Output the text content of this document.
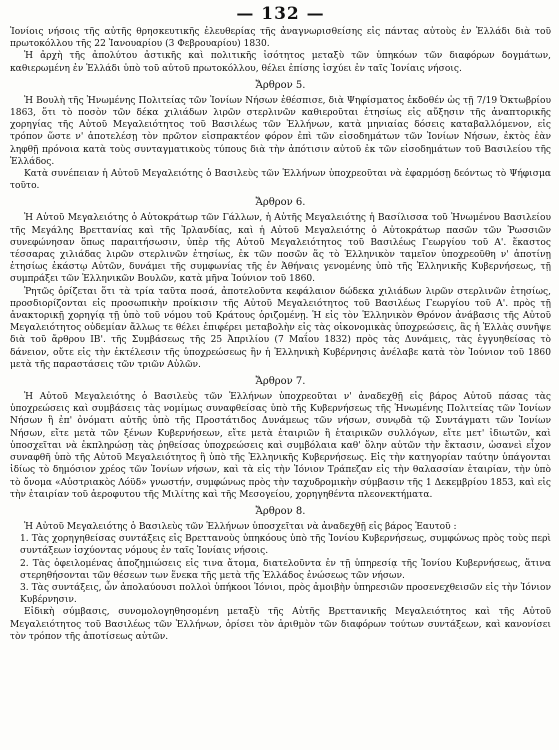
— 132 —
Ἰονίοις νήσοις τῆς αὐτῆς θρησκευτικῆς ἐλευθερίας τῆς ἀναγνωρισθείσης εἰς πάντας αὐτοὺς ἐν Ἑλλάδι διὰ τοῦ πρωτοκόλλου τῆς 22 Ἰανουαρίου (3 Φεβρουαρίου) 1830.
Ἡ ἀρχὴ τῆς ἀπολύτου ἀστικῆς καὶ πολιτικῆς ἰσότητος μεταξὺ τῶν ὑπηκόων τῶν διαφόρων δογμάτων, καθιερωμένη ἐν Ἑλλάδι ὑπὸ τοῦ αὐτοῦ πρωτοκόλλου, θέλει ἐπίσης ἰσχύει ἐν ταῖς Ἰονίαις νήσοις.
Ἄρθρον 5.
Ἡ Βουλὴ τῆς Ἡνωμένης Πολιτείας τῶν Ἰονίων Νήσων ἐθέσπισε, διὰ Ψηφίσματος ἐκδοθέν ὡς τῇ 7/19 Ὀκτωβρίου 1863, ὅτι τὸ ποσὸν τῶν δέκα χιλιάδων λιρῶν στερλινῶν καθιεροῦται ἐτησίως εἰς αὔξησιν τῆς ἀναπτορικῆς χορηγίας τῆς Αὐτοῦ Μεγαλειότητος τοῦ Βασιλέως τῶν Ἑλλήνων, κατὰ μηνιαίας δόσεις καταβαλλόμενον, εἰς τρόπον ὥστε ν' ἀποτελέσῃ τὸν πρῶτον εἰσπρακτέον φόρον ἐπὶ τῶν εἰσοδημάτων τῶν Ἰονίων Νήσων, ἐκτὸς ἐὰν ληφθῇ πρόνοια κατὰ τοὺς συνταγματικοὺς τύπους διὰ τὴν ἀπότισιν αὐτοῦ ἐκ τῶν εἰσοδημάτων τοῦ Βασιλείου τῆς Ἑλλάδος.
Κατὰ συνέπειαν ἡ Αὐτοῦ Μεγαλειότης ὁ Βασιλεὺς τῶν Ἑλλήνων ὑποχρεοῦται νὰ ἐφαρμόσῃ δεόντως τὸ Ψήφισμα τοῦτο.
Ἄρθρον 6.
Ἡ Αὐτοῦ Μεγαλειότης ὁ Αὐτοκράτωρ τῶν Γάλλων, ἡ Αὐτῆς Μεγαλειότης ἡ Βασίλισσα τοῦ Ἡνωμένου Βασιλείου τῆς Μεγάλης Βρεττανίας καὶ τῆς Ἰρλανδίας, καὶ ἡ Αὐτοῦ Μεγαλειότης ὁ Αὐτοκράτωρ πασῶν τῶν Ῥωσσιῶν συνεφώνησαν ὅπως παραιτήσωσιν, ὑπὲρ τῆς Αὐτοῦ Μεγαλειότητος τοῦ Βασιλέως Γεωργίου τοῦ Α'. ἕκαστος τέσσαρας χιλιάδας λιρῶν στερλινῶν ἐτησίως, ἐκ τῶν ποσῶν ἅς τὸ Ἑλληνικὸν ταμεῖον ὑποχρεοῦθη ν' ἀποτίνῃ ἐτησίως ἑκάστῳ Αὐτῶν, δυνάμει τῆς συμφωνίας τῆς ἐν Ἀθήναις γενομένης ὑπὸ τῆς Ἑλληνικῆς Κυβερνήσεως, τῇ συμπράξει τῶν Ἑλληνικῶν Βουλῶν, κατὰ μῆνα Ἰούνιον τοῦ 1860.
Ῥητῶς ὁρίζεται ὅτι τὰ τρία ταῦτα ποσά, ἀποτελοῦντα κεφάλαιον δώδεκα χιλιάδων λιρῶν στερλινῶν ἐτησίως, προσδιορίζονται εἰς προσωπικὴν προίκισιν τῆς Αὐτοῦ Μεγαλειότητος τοῦ Βασιλέως Γεωργίου τοῦ Α'. πρὸς τῇ ἀνακτορικῇ χορηγίᾳ τῇ ὑπὸ τοῦ νόμου τοῦ Κράτους ὁριζομένῃ. Ἡ εἰς τὸν Ἑλληνικὸν Θρόνον ἀνάβασις τῆς Αὐτοῦ Μεγαλειότητος οὐδεμίαν ἄλλως τε θέλει ἐπιφέρει μεταβολὴν εἰς τὰς οἰκονομικὰς ὑποχρεώσεις, ἃς ἡ Ἑλλὰς συνῆψε διὰ τοῦ ἄρθρου ΙΒ'. τῆς Συμβάσεως τῆς 25 Ἀπριλίου (7 Μαΐου 1832) πρὸς τὰς Δυνάμεις, τὰς ἐγγυηθείσας τὸ δάνειον, οὔτε εἰς τὴν ἐκτέλεσιν τῆς ὑποχρεώσεως ἣν ἡ Ἑλληνικὴ Κυβέρνησις ἀνέλαβε κατὰ τὸν Ἰούνιον τοῦ 1860 μετὰ τῆς παραστάσεις τῶν τριῶν Αὐλῶν.
Ἄρθρον 7.
Ἡ Αὐτοῦ Μεγαλειότης ὁ Βασιλεὺς τῶν Ἑλλήνων ὑποχρεοῦται ν' ἀναδεχθῇ εἰς βάρος Αὐτοῦ πάσας τὰς ὑποχρεώσεις καὶ συμβάσεις τὰς νομίμως συναφθείσας ὑπὸ τῆς Κυβερνήσεως τῆς Ἡνωμένης Πολιτείας τῶν Ἰονίων Νήσων ἢ ἐπ' ὀνόματι αὐτῆς ὑπὸ τῆς Προστάτιδος Δυνάμεως τῶν νήσων, συνῳδὰ τῷ Συντάγματι τῶν Ἰονίων Νήσων, εἴτε μετὰ τῶν ξένων Κυβερνήσεων, εἴτε μετὰ ἑταιριῶν ἢ ἑταιρικῶν συλλόγων, εἴτε μετ' ἰδιωτῶν, καὶ ὑποσχεῖται νὰ ἐκπληρώσῃ τὰς ῥηθείσας ὑποχρεώσεις καὶ συμβόλαια καθ' ὅλην αὐτῶν τὴν ἔκτασιν, ὡσανεὶ εἶχον συναφθῆ ὑπὸ τῆς Αὐτοῦ Μεγαλειότητος ἢ ὑπὸ τῆς Ἑλληνικῆς Κυβερνήσεως. Εἰς τὴν κατηγορίαν ταύτην ὑπάγονται ἰδίως τὸ δημόσιον χρέος τῶν Ἰονίων νήσων, καὶ τὰ εἰς τὴν Ἰόνιον Τράπεζαν εἰς τὴν θαλασσίαν ἑταιρίαν, τὴν ὑπὸ τὸ ὄνομα «Αὐστριακὸς Λόϋδ» γνωστήν, συμφώνως πρὸς τὴν ταχυδρομικὴν σύμβασιν τῆς 1 Δεκεμβρίου 1853, καὶ εἰς τὴν ἑταιρίαν τοῦ ἀεροφυτου τῆς Μιλίτης καὶ τῆς Μεσογείου, χορηγηθέντα πλεονεκτήματα.
Ἄρθρον 8.
Ἡ Αὐτοῦ Μεγαλειότης ὁ Βασιλεὺς τῶν Ἑλλήνων ὑποσχεῖται νὰ ἀναδεχθῇ εἰς βάρος Ἑαυτοῦ :
1. Τὰς χορηγηθείσας συντάξεις εἰς Βρεττανοὺς ὑπηκόους ὑπὸ τῆς Ἰονίου Κυβερνήσεως, συμφώνως πρὸς τοὺς περὶ συντάξεων ἰσχύοντας νόμους ἐν ταῖς Ἰονίαις νήσοις.
2. Τὰς ὀφειλομένας ἀποζημιώσεις εἰς τινα ἄτομα, διατελοῦντα ἐν τῇ ὑπηρεσίᾳ τῆς Ἰονίου Κυβερνήσεως, ἅτινα στερηθήσονται τῶν θέσεων των ἕνεκα τῆς μετὰ τῆς Ἑλλάδος ἑνώσεως τῶν νήσων.
3. Τὰς συντάξεις, ὧν ἀπολαύουσι πολλοὶ ὑπήκοοι Ἰόνιοι, πρὸς ἀμοιβὴν ὑπηρεσιῶν προσενεχθεισῶν εἰς τὴν Ἰόνιον Κυβέρνησιν.
Εἰδικὴ σύμβασις, συνομολογηθησομένη μεταξὺ τῆς Αὐτῆς Βρεττανικῆς Μεγαλειότητος καὶ τῆς Αὐτοῦ Μεγαλειότητος τοῦ Βασιλέως τῶν Ἑλλήνων, ὁρίσει τὸν ἀριθμὸν τῶν διαφόρων τούτων συντάξεων, καὶ κανονίσει τὸν τρόπον τῆς ἀποτίσεως αὐτῶν.
